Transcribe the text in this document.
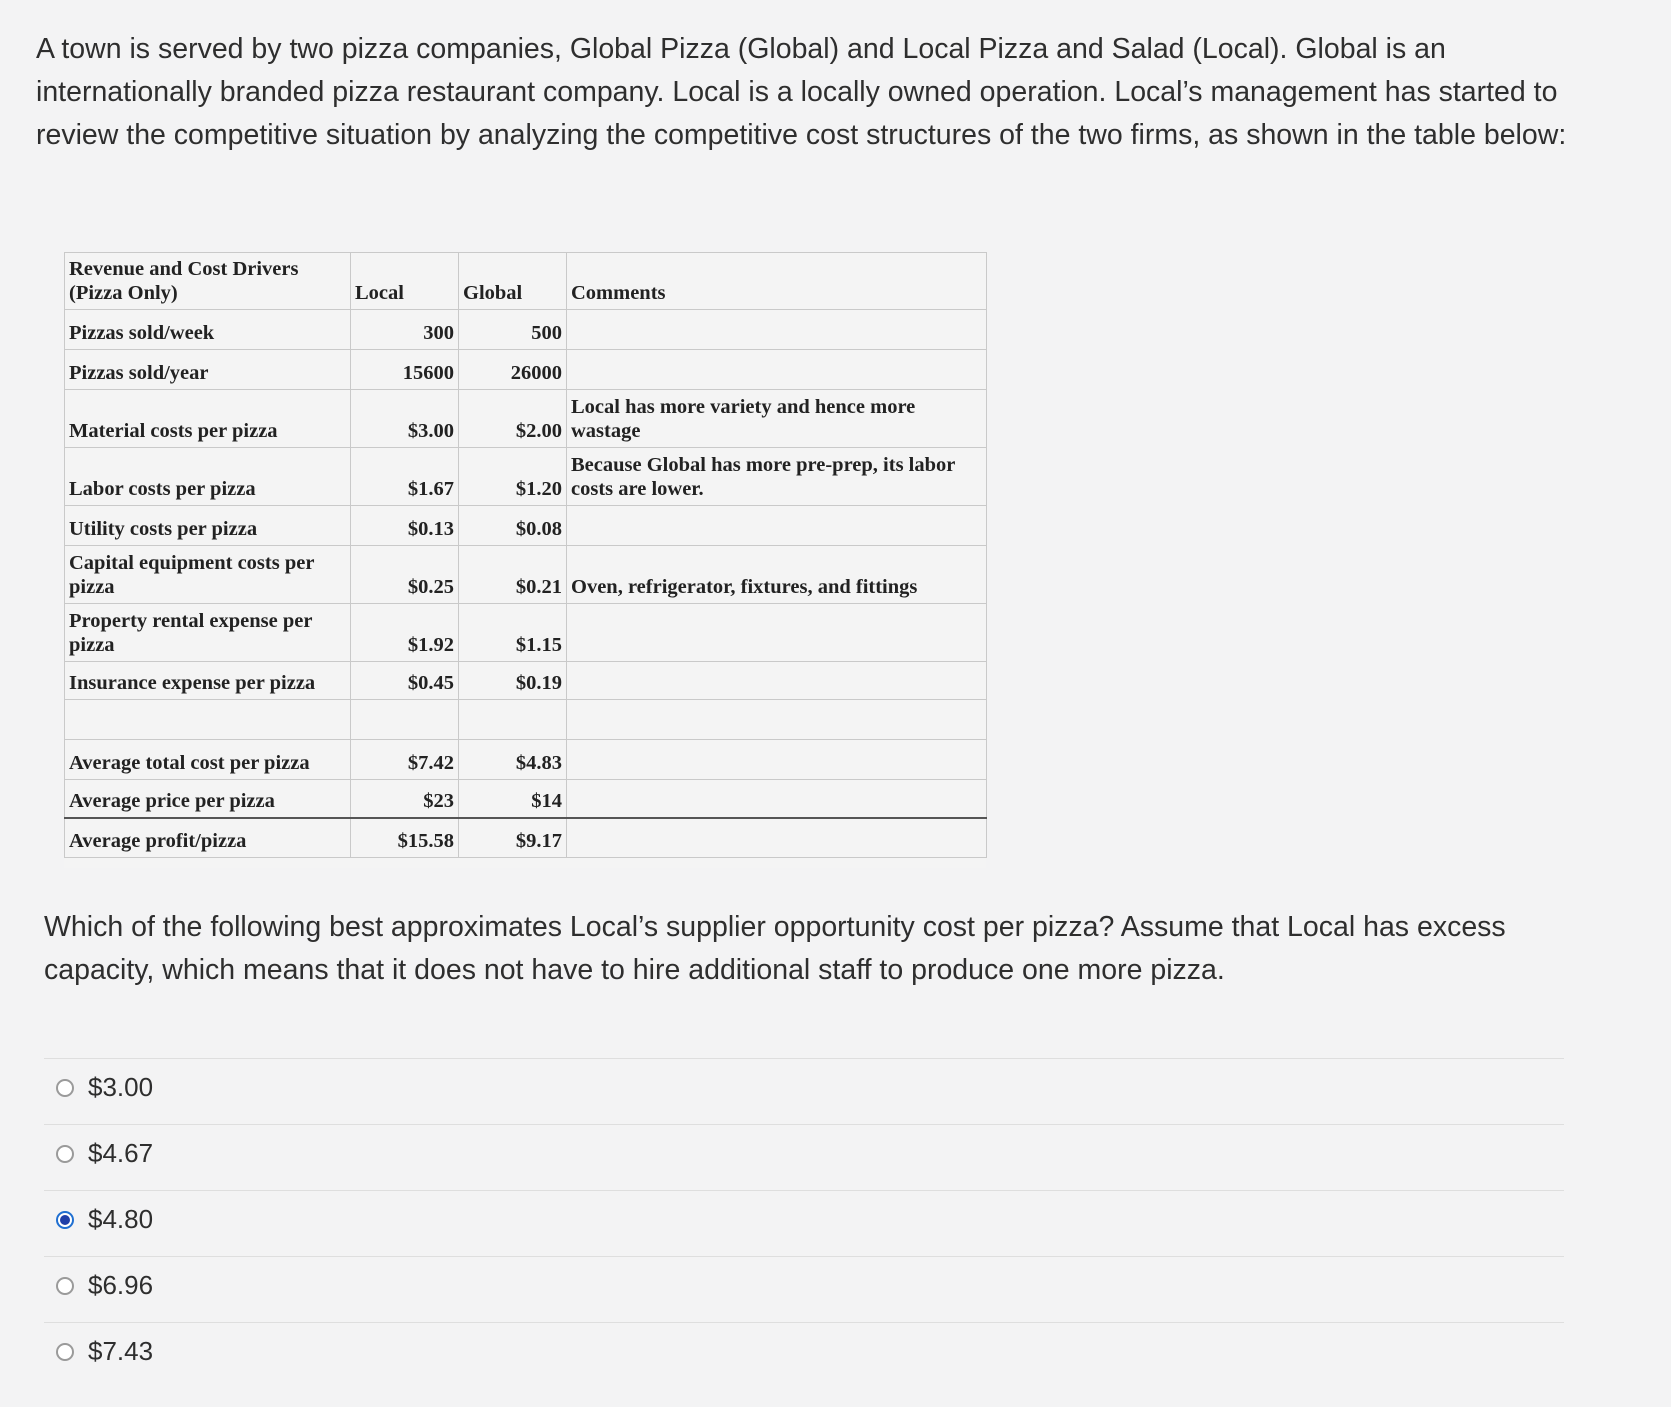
A town is served by two pizza companies, Global Pizza (Global) and Local Pizza and Salad (Local). Global is an internationally branded pizza restaurant company. Local is a locally owned operation. Local’s management has started to review the competitive situation by analyzing the competitive cost structures of the two firms, as shown in the table below:
Revenue and Cost Drivers (Pizza Only)	Local	Global	Comments
Pizzas sold/week	300	500	
Pizzas sold/year	15600	26000	
Material costs per pizza	$3.00	$2.00	Local has more variety and hence more wastage
Labor costs per pizza	$1.67	$1.20	Because Global has more pre-prep, its labor costs are lower.
Utility costs per pizza	$0.13	$0.08	
Capital equipment costs per pizza	$0.25	$0.21	Oven, refrigerator, fixtures, and fittings
Property rental expense per pizza	$1.92	$1.15	
Insurance expense per pizza	$0.45	$0.19	

Average total cost per pizza	$7.42	$4.83	
Average price per pizza	$23	$14	
Average profit/pizza	$15.58	$9.17	
Which of the following best approximates Local’s supplier opportunity cost per pizza? Assume that Local has excess capacity, which means that it does not have to hire additional staff to produce one more pizza.
$3.00
$4.67
$4.80
$6.96
$7.43
